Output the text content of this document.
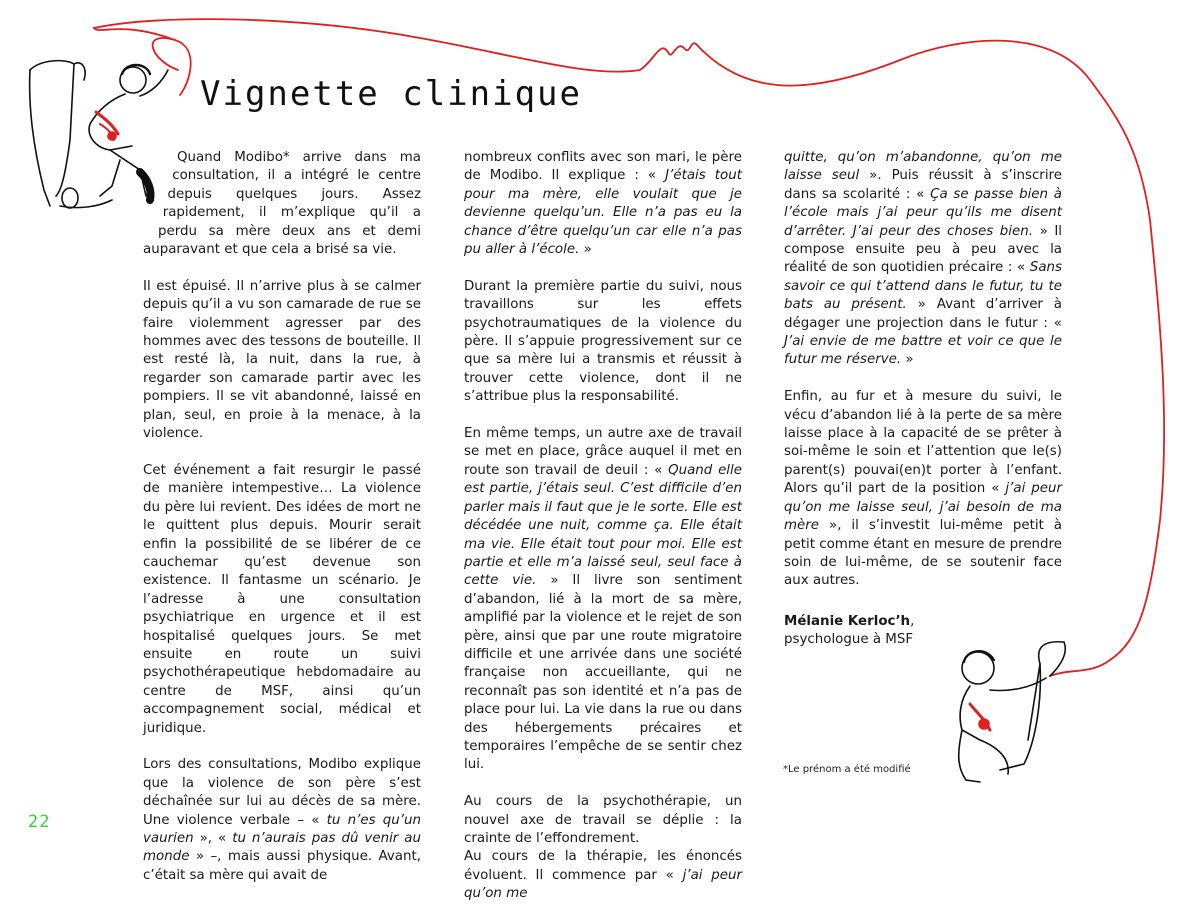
Vignette clinique

Quand Modibo* arrive dans ma consultation, il a intégré le centre depuis quelques jours. Assez rapidement, il m’explique qu’il a perdu sa mère deux ans et demi auparavant et que cela a brisé sa vie.

Il est épuisé. Il n’arrive plus à se calmer depuis qu’il a vu son camarade de rue se faire violemment agresser par des hommes avec des tessons de bouteille. Il est resté là, la nuit, dans la rue, à regarder son camarade partir avec les pompiers. Il se vit abandonné, laissé en plan, seul, en proie à la menace, à la violence.

Cet événement a fait resurgir le passé de manière intempestive… La violence du père lui revient. Des idées de mort ne le quittent plus depuis. Mourir serait enfin la possibilité de se libérer de ce cauchemar qu’est devenue son existence. Il fantasme un scénario. Je l’adresse à une consultation psychiatrique en urgence et il est hospitalisé quelques jours. Se met ensuite en route un suivi psychothérapeutique hebdomadaire au centre de MSF, ainsi qu’un accompagnement social, médical et juridique.

Lors des consultations, Modibo explique que la violence de son père s’est déchaînée sur lui au décès de sa mère. Une violence verbale – « tu n’es qu’un vaurien », « tu n’aurais pas dû venir au monde » –, mais aussi physique. Avant, c’était sa mère qui avait de

nombreux conflits avec son mari, le père de Modibo. Il explique : « J’étais tout pour ma mère, elle voulait que je devienne quelqu’un. Elle n’a pas eu la chance d’être quelqu’un car elle n’a pas pu aller à l’école. »

Durant la première partie du suivi, nous travaillons sur les effets psychotraumatiques de la violence du père. Il s’appuie progressivement sur ce que sa mère lui a transmis et réussit à trouver cette violence, dont il ne s’attribue plus la responsabilité.

En même temps, un autre axe de travail se met en place, grâce auquel il met en route son travail de deuil : « Quand elle est partie, j’étais seul. C’est difficile d’en parler mais il faut que je le sorte. Elle est décédée une nuit, comme ça. Elle était ma vie. Elle était tout pour moi. Elle est partie et elle m’a laissé seul, seul face à cette vie. » Il livre son sentiment d’abandon, lié à la mort de sa mère, amplifié par la violence et le rejet de son père, ainsi que par une route migratoire difficile et une arrivée dans une société française non accueillante, qui ne reconnaît pas son identité et n’a pas de place pour lui. La vie dans la rue ou dans des hébergements précaires et temporaires l’empêche de se sentir chez lui.

Au cours de la psychothérapie, un nouvel axe de travail se déplie : la crainte de l’effondrement.

Au cours de la thérapie, les énoncés évoluent. Il commence par « j’ai peur qu’on me

quitte, qu’on m’abandonne, qu’on me laisse seul ». Puis réussit à s’inscrire dans sa scolarité : « Ça se passe bien à l’école mais j’ai peur qu’ils me disent d’arrêter. J’ai peur des choses bien. » Il compose ensuite peu à peu avec la réalité de son quotidien précaire : « Sans savoir ce qui t’attend dans le futur, tu te bats au présent. » Avant d’arriver à dégager une projection dans le futur : « J’ai envie de me battre et voir ce que le futur me réserve. »

Enfin, au fur et à mesure du suivi, le vécu d’abandon lié à la perte de sa mère laisse place à la capacité de se prêter à soi-même le soin et l’attention que le(s) parent(s) pouvai(en)t porter à l’enfant. Alors qu’il part de la position « j’ai peur qu’on me laisse seul, j’ai besoin de ma mère », il s’investit lui-même petit à petit comme étant en mesure de prendre soin de lui-même, de se soutenir face aux autres.

Mélanie Kerloc’h,
psychologue à MSF
*Le prénom a été modifié
22
